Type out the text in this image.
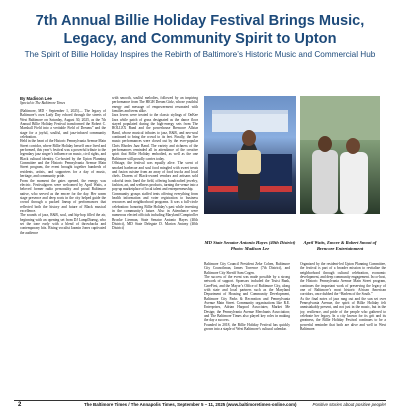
7th Annual Billie Holiday Festival Brings Music, Legacy, and Community Spirit to Upton
The Spirit of Billie Holiday Inspires the Rebirth of Baltimore’s Historic Music and Commercial Hub
By Madison Lee
Special to The Baltimore Times

(Baltimore, MD - September 1, 2025)— The legacy of Baltimore’s own Lady Day echoed through the streets of West Baltimore on Saturday, August 30, 2025, as the 7th Annual Billie Holiday Festival transformed the Robert C. Marshall Field into a veritable Field of Dreams” and the stage for a joyful, soulful, and jazz-infused community celebration.

Held in the heart of the Historic Pennsylvania Avenue Main Street corridor, where Billie Holiday herself once lived and performed, this year’s festival was a powerful tribute to the legendary jazz singer’s influence on music, civil rights, and Black cultural identity. Co-hosted by the Upton Planning Committee and the Historic Pennsylvania Avenue Main Street program, the event brought together hundreds of residents, artists, and supporters for a day of music, heritage, and community pride.

From the moment the gates opened, the energy was electric. Festivalgoers were welcomed by April Watts, a beloved former radio personality and proud Baltimore native, who served as the emcee for the day. Her warm stage presence and deep roots in the city helped guide the crowd through a packed lineup of performances that reflected both the history and future of Black musical excellence.

The sounds of jazz, R&B, soul, and hip-hop filled the air, beginning with an opening set from DJ LampDiaeng, who set the tone early with a blend of throwbacks and contemporary hits. Rising vocalist Jazmin Jones captivated the audience

with smooth, soulful melodies, followed by an inspiring performance from The HIGH Dream Girlz, whose youthful energy and message of empowerment resonated with families and teens alike.

Jazz lovers were treated to the classic stylings of OnKee Jazz while patch of grass designated as the dance floor stayed populated during the high-energy sets from The ROLLEX Band and the powerhouse Brencore Allstar Band, whose musical tributes to jazz, R&B, and neo-soul continued to bring the crowd to its feet. Finally, the live music performances were closed out by the ever-popular Chris Rhodes Jazz Band. The variety and richness of the performances reminded all in attendance of the creative spirit that Billie Holiday embodied, as well as the one Baltimore still proudly carries today.

Offstage, the festival was equally alive. The scent of smoked barbecue and soul food mingled with sweet treats and fusion cuisine from an array of food trucks and local chefs. Dozens of Black-owned vendors and artisans sold colorful tents lined the field, offering handcrafted jewelry, fashion, art, and wellness products, turning the venue into a pop-up marketplace of local talent and entrepreneurship.

Community groups staffed tents offering everything from health information and voter registration to business resources and neighborhood programs. It was a full-circle celebration: honoring Billie Holiday’s past while investing in the community’s future. Also in Attendance were numerous elected officials including Maryland Comptroller Brooke Lierman, State Senator Antonio Hayes (40th District), MD State Delegate D. Marion Antony (40th District)

MD State Senator Antonio Hayes (40th District) Photo: Madison Lee
April Watts, Emcee & Robert Smoot of Brencore Entertainment

Baltimore City Council President Zeke Cohen, Baltimore City Councilman, James Torrence (7th District), and Baltimore City Sheriff Sam Cogen.

The success of the event was made possible by a strong network of support. Sponsors included the Truist Bank, CareFirst, and the Mayor’s Office of Baltimore City, along with state and local partners such as the Maryland Department of Housing and Community Development, Baltimore City Parks & Recreation and Pennsylvania Avenue Main Street. Community organizations like R.E. Enterprises, Adrian Harpool Associates; Market Me Design; the Pennsylvania Avenue Merchants Association; and The Baltimore Times also played key roles in making the day a success.

Founded in 2018, the Billie Holiday Festival has quickly grown into a staple of West Baltimore’s cultural calendar.

Organized by the resident-led Upton Planning Committee, the festival is part of a broader mission to revitalize the neighborhood through cultural celebration, economic development, and deep community engagement. In co-host, the Historic Pennsylvania Avenue Main Street program, continues the important work of preserving the legacy of one of Baltimore’s most historic African American corridors, once dubbed the “Harlem of the South.”

As the final notes of jazz rang out and the sun set over Pennsylvania Avenue, the spirit of Billie Holiday felt unmistakably present, and not just in the music, but in the joy, resilience, and pride of the people who gathered to celebrate her legacy. In a city known for its grit and its greatness, the Billie Holiday Festival continues to be a powerful reminder that both are alive and well in West Baltimore.

2	The Baltimore Times / The Annapolis Times, September 5 – 11, 2025 (www.baltimoretimes-online.com)	Positive stories about positive people!
